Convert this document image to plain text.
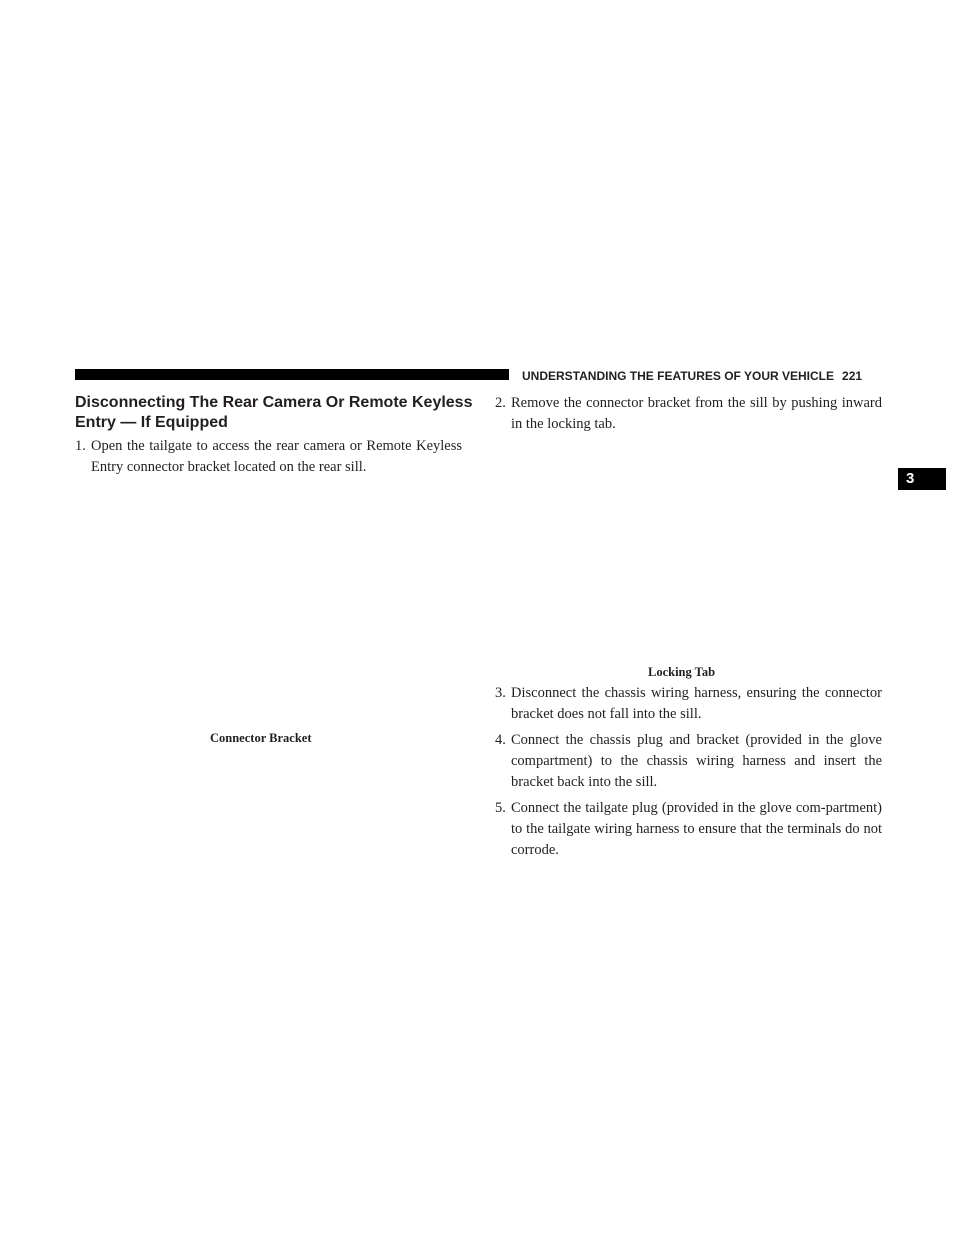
UNDERSTANDING THE FEATURES OF YOUR VEHICLE 221
3
Disconnecting The Rear Camera Or Remote Keyless Entry — If Equipped

1. Open the tailgate to access the rear camera or Remote Keyless Entry connector bracket located on the rear sill.

Connector Bracket

2. Remove the connector bracket from the sill by pushing inward in the locking tab.

Locking Tab

3. Disconnect the chassis wiring harness, ensuring the connector bracket does not fall into the sill.

4. Connect the chassis plug and bracket (provided in the glove compartment) to the chassis wiring harness and insert the bracket back into the sill.

5. Connect the tailgate plug (provided in the glove com-partment) to the tailgate wiring harness to ensure that the terminals do not corrode.
